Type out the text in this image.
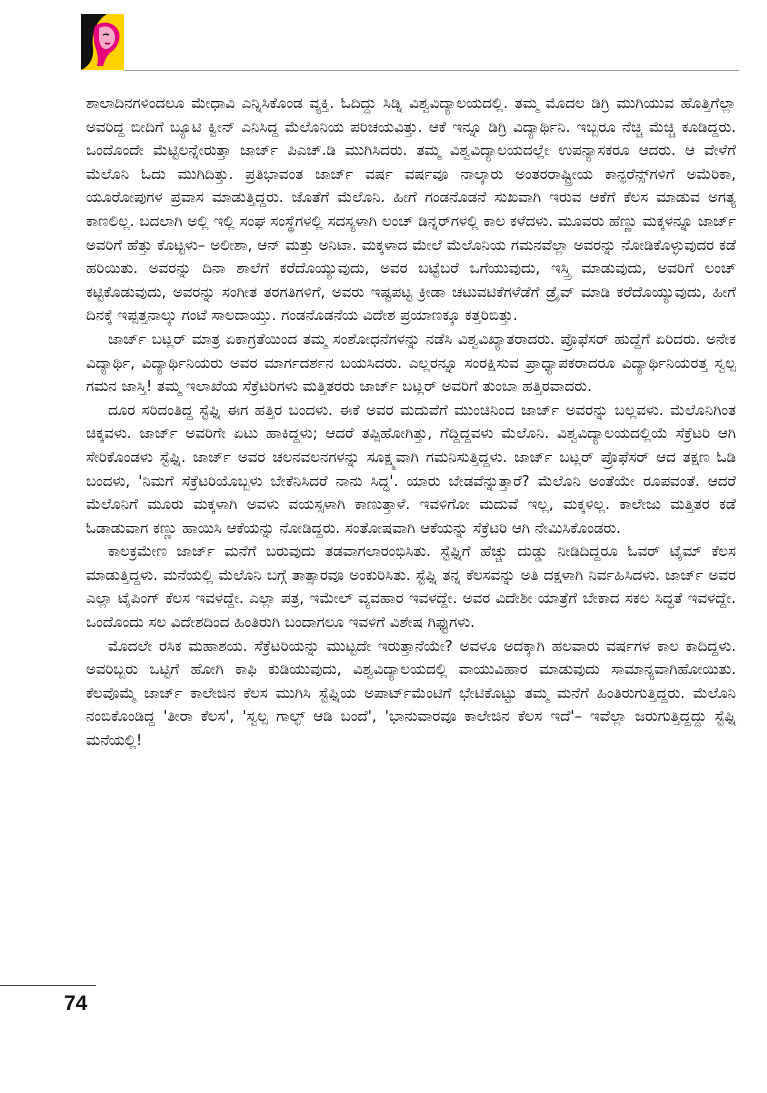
ಶಾಲಾದಿನಗಳಿಂದಲೂ ಮೇಧಾವಿ ಎನ್ನಿಸಿಕೊಂಡ ವ್ಯಕ್ತಿ. ಓದಿದ್ದು ಸಿಡ್ನಿ ವಿಶ್ವವಿದ್ಯಾಲಯದಲ್ಲಿ. ತಮ್ಮ ಮೊದಲ ಡಿಗ್ರಿ ಮುಗಿಯುವ ಹೊತ್ತಿಗೆಲ್ಲಾ ಅವರಿದ್ದ ಬೀದಿಗೆ ಬ್ಯೂಟಿ ಕ್ವೀನ್ ಎನಿಸಿದ್ದ ಮೆಲೊನಿಯ ಪರಿಚಯವಿತ್ತು. ಆಕೆ ಇನ್ನೂ ಡಿಗ್ರಿ ವಿದ್ಯಾರ್ಥಿನಿ. ಇಬ್ಬರೂ ನೆಚ್ಚಿ ಮೆಚ್ಚಿ ಕೂಡಿದ್ದರು. ಒಂದೊಂದೇ ಮೆಟ್ಟಿಲನ್ನೇರುತ್ತಾ ಜಾರ್ಜ್ ಪಿಎಚ್.ಡಿ ಮುಗಿಸಿದರು. ತಮ್ಮ ವಿಶ್ವವಿದ್ಯಾಲಯದಲ್ಲೇ ಉಪನ್ಯಾಸಕರೂ ಆದರು. ಆ ವೇಳೆಗೆ ಮೆಲೊನಿ ಓದು ಮುಗಿದಿತ್ತು. ಪ್ರತಿಭಾವಂತ ಜಾರ್ಜ್ ವರ್ಷ ವರ್ಷವೂ ನಾಲ್ಕಾರು ಅಂತರರಾಷ್ಟ್ರೀಯ ಕಾನ್ಫರೆನ್ಸ್‌ಗಳಿಗೆ ಅಮೆರಿಕಾ, ಯೂರೋಪುಗಳ ಪ್ರವಾಸ ಮಾಡುತ್ತಿದ್ದರು. ಜೊತೆಗೆ ಮೆಲೊನಿ. ಹೀಗೆ ಗಂಡನೊಡನೆ ಸುಖವಾಗಿ ಇರುವ ಆಕೆಗೆ ಕೆಲಸ ಮಾಡುವ ಅಗತ್ಯ ಕಾಣಲಿಲ್ಲ. ಬದಲಾಗಿ ಅಲ್ಲಿ ಇಲ್ಲಿ ಸಂಘ ಸಂಸ್ಥೆಗಳಲ್ಲಿ ಸದಸ್ಯಳಾಗಿ ಲಂಚ್ ಡಿನ್ನರ್‌ಗಳಲ್ಲಿ ಕಾಲ ಕಳೆದಳು. ಮೂವರು ಹೆಣ್ಣು ಮಕ್ಕಳನ್ನೂ ಜಾರ್ಜ್ ಅವರಿಗೆ ಹೆತ್ತು ಕೊಟ್ಟಳು– ಅಲೀಶಾ, ಆನ್ ಮತ್ತು ಅನಿಟಾ. ಮಕ್ಕಳಾದ ಮೇಲೆ ಮೆಲೊನಿಯ ಗಮನವೆಲ್ಲಾ ಅವರನ್ನು ನೋಡಿಕೊಳ್ಳುವುದರ ಕಡೆ ಹರಿಯಿತು. ಅವರನ್ನು ದಿನಾ ಶಾಲೆಗೆ ಕರೆದೊಯ್ಯುವುದು, ಅವರ ಬಟ್ಟೆಬರೆ ಒಗೆಯುವುದು, ಇಸ್ತ್ರಿ ಮಾಡುವುದು, ಅವರಿಗೆ ಲಂಚ್ ಕಟ್ಟಿಕೊಡುವುದು, ಅವರನ್ನು ಸಂಗೀತ ತರಗತಿಗಳಿಗೆ, ಅವರು ಇಷ್ಟಪಟ್ಟ ಕ್ರೀಡಾ ಚಟುವಟಿಕೆಗಳೆಡೆಗೆ ಡ್ರೈವ್ ಮಾಡಿ ಕರೆದೊಯ್ಯುವುದು, ಹೀಗೆ ದಿನಕ್ಕೆ ಇಪ್ಪತ್ತನಾಲ್ಕು ಗಂಟೆ ಸಾಲದಾಯ್ತು. ಗಂಡನೊಡನೆಯ ವಿದೇಶ ಪ್ರಯಾಣಕ್ಕೂ ಕತ್ತರಿಬಿತ್ತು.

ಜಾರ್ಜ್ ಬಟ್ಲರ್ ಮಾತ್ರ ಏಕಾಗ್ರತೆಯಿಂದ ತಮ್ಮ ಸಂಶೋಧನೆಗಳನ್ನು ನಡೆಸಿ ವಿಶ್ವವಿಖ್ಯಾತರಾದರು. ಪ್ರೊಫೆಸರ್ ಹುದ್ದೆಗೆ ಏರಿದರು. ಅನೇಕ ವಿದ್ಯಾರ್ಥಿ, ವಿದ್ಯಾರ್ಥಿನಿಯರು ಅವರ ಮಾರ್ಗದರ್ಶನ ಬಯಸಿದರು. ಎಲ್ಲರನ್ನೂ ಸಂರಕ್ಷಿಸುವ ಪ್ರಾಧ್ಯಾಪಕರಾದರೂ ವಿದ್ಯಾರ್ಥಿನಿಯರತ್ತ ಸ್ವಲ್ಪ ಗಮನ ಜಾಸ್ತಿ! ತಮ್ಮ ಇಲಾಖೆಯ ಸೆಕ್ರೆಟರಿಗಳು ಮತ್ತಿತರರು ಜಾರ್ಜ್ ಬಟ್ಲರ್ ಅವರಿಗೆ ತುಂಬಾ ಹತ್ತಿರವಾದರು.

ದೂರ ಸರಿದಂತಿದ್ದ ಸ್ಟೆಫ್ನಿ ಈಗ ಹತ್ತಿರ ಬಂದಳು. ಈಕೆ ಅವರ ಮದುವೆಗೆ ಮುಂಚಿನಿಂದ ಜಾರ್ಜ್ ಅವರನ್ನು ಬಲ್ಲವಳು. ಮೆಲೊನಿಗಿಂತ ಚಿಕ್ಕವಳು. ಜಾರ್ಜ್ ಅವರಿಗೇ ಏಟು ಹಾಕಿದ್ದಳು; ಆದರೆ ತಪ್ಪಿಹೋಗಿತ್ತು, ಗೆದ್ದಿದ್ದವಳು ಮೆಲೊನಿ. ವಿಶ್ವವಿದ್ಯಾಲಯದಲ್ಲಿಯೆ ಸೆಕ್ರೆಟರಿ ಆಗಿ ಸೇರಿಕೊಂಡಳು ಸ್ಟೆಫ್ನಿ. ಜಾರ್ಜ್ ಅವರ ಚಲನವಲನಗಳನ್ನು ಸೂಕ್ಷ್ಮವಾಗಿ ಗಮನಿಸುತ್ತಿದ್ದಳು. ಜಾರ್ಜ್ ಬಟ್ಲರ್ ಪ್ರೊಫೆಸರ್ ಆದ ತಕ್ಷಣ ಓಡಿ ಬಂದಳು, 'ನಿಮಗೆ ಸೆಕ್ರೆಟರಿಯೊಬ್ಬಳು ಬೇಕೆನಿಸಿದರೆ ನಾನು ಸಿದ್ಧ'. ಯಾರು ಬೇಡವೆನ್ನುತ್ತಾರೆ? ಮೆಲೊನಿ ಅಂತೆಯೇ ರೂಪವಂತೆ. ಆದರೆ ಮೆಲೊನಿಗೆ ಮೂರು ಮಕ್ಕಳಾಗಿ ಅವಳು ವಯಸ್ಸಳಾಗಿ ಕಾಣುತ್ತಾಳೆ. ಇವಳಿಗೋ ಮದುವೆ ಇಲ್ಲ, ಮಕ್ಕಳಿಲ್ಲ. ಕಾಲೇಜು ಮತ್ತಿತರ ಕಡೆ ಓಡಾಡುವಾಗ ಕಣ್ಣು ಹಾಯಿಸಿ ಆಕೆಯನ್ನು ನೋಡಿದ್ದರು. ಸಂತೋಷವಾಗಿ ಆಕೆಯನ್ನು ಸೆಕ್ರೆಟರಿ ಆಗಿ ನೇಮಿಸಿಕೊಂಡರು.

ಕಾಲಕ್ರಮೇಣ ಜಾರ್ಜ್ ಮನೆಗೆ ಬರುವುದು ತಡವಾಗಲಾರಂಭಿಸಿತು. ಸ್ಟೆಫ್ನಿಗೆ ಹೆಚ್ಚು ದುಡ್ಡು ನೀಡಿದಿದ್ದರೂ ಓವರ್ ಟೈಮ್ ಕೆಲಸ ಮಾಡುತ್ತಿದ್ದಳು. ಮನೆಯಲ್ಲಿ ಮೆಲೊನಿ ಬಗ್ಗೆ ತಾತ್ಸಾರವೂ ಅಂಕುರಿಸಿತು. ಸ್ಟೆಫ್ನಿ ತನ್ನ ಕೆಲಸವನ್ನು ಅತಿ ದಕ್ಷಳಾಗಿ ನಿರ್ವಹಿಸಿದಳು. ಜಾರ್ಜ್ ಅವರ ಎಲ್ಲಾ ಟೈಪಿಂಗ್ ಕೆಲಸ ಇವಳದ್ದೇ. ಎಲ್ಲಾ ಪತ್ರ, ಇಮೇಲ್ ವ್ಯವಹಾರ ಇವಳದ್ದೇ. ಅವರ ವಿದೇಶೀ ಯಾತ್ರೆಗೆ ಬೇಕಾದ ಸಕಲ ಸಿದ್ಧತೆ ಇವಳದ್ದೇ. ಒಂದೊಂದು ಸಲ ವಿದೇಶದಿಂದ ಹಿಂತಿರುಗಿ ಬಂದಾಗಲೂ ಇವಳಿಗೆ ವಿಶೇಷ ಗಿಫ್ಟುಗಳು.

ಮೊದಲೇ ರಸಿಕ ಮಹಾಶಯ. ಸೆಕ್ರೆಟರಿಯನ್ನು ಮುಟ್ಟದೇ ಇರುತ್ತಾನೆಯೇ? ಅವಳೂ ಅದಕ್ಕಾಗಿ ಹಲವಾರು ವರ್ಷಗಳ ಕಾಲ ಕಾದಿದ್ದಳು. ಅವರಿಬ್ಬರು ಒಟ್ಟಿಗೆ ಹೋಗಿ ಕಾಫಿ ಕುಡಿಯುವುದು, ವಿಶ್ವವಿದ್ಯಾಲಯದಲ್ಲಿ ವಾಯುವಿಹಾರ ಮಾಡುವುದು ಸಾಮಾನ್ಯವಾಗಿಹೋಯಿತು. ಕೆಲವೊಮ್ಮೆ ಜಾರ್ಜ್ ಕಾಲೇಜಿನ ಕೆಲಸ ಮುಗಿಸಿ ಸ್ಟೆಫ್ನಿಯ ಅಪಾರ್ಟ್‌ಮೆಂಟಿಗೆ ಭೇಟಿಕೊಟ್ಟು ತಮ್ಮ ಮನೆಗೆ ಹಿಂತಿರುಗುತ್ತಿದ್ದರು. ಮೆಲೊನಿ ನಂಬಿಕೊಂಡಿದ್ದ 'ತೀರಾ ಕೆಲಸ', 'ಸ್ವಲ್ಪ ಗಾಲ್ಫ್ ಆಡಿ ಬಂದೆ', 'ಭಾನುವಾರವೂ ಕಾಲೇಜಿನ ಕೆಲಸ ಇದೆ'– ಇವೆಲ್ಲಾ ಜರುಗುತ್ತಿದ್ದದ್ದು ಸ್ಟೆಫ್ನಿ ಮನೆಯಲ್ಲಿ!

74
